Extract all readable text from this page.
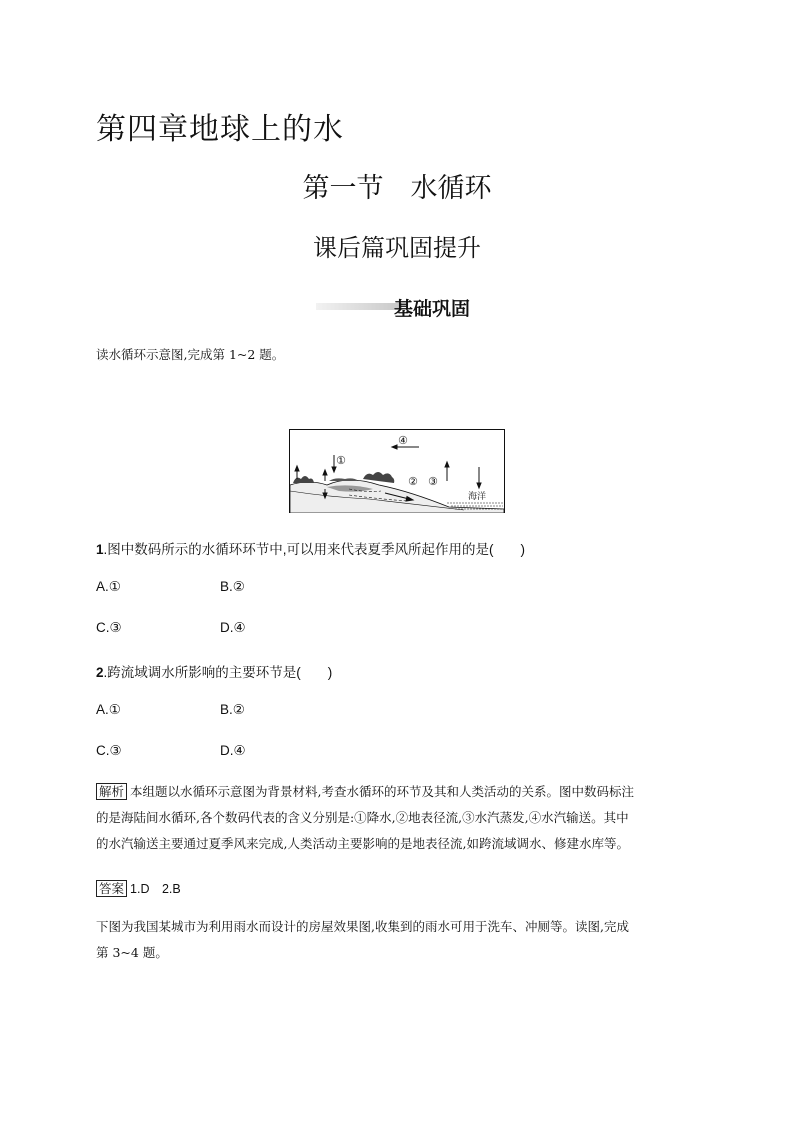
第四章地球上的水
第一节　水循环
课后篇巩固提升
基础巩固
读水循环示意图,完成第 1~2 题。
④
①
② ③
海洋
1.图中数码所示的水循环环节中,可以用来代表夏季风所起作用的是(　　)
A.①	B.②
C.③	D.④
2.跨流域调水所影响的主要环节是(　　)
A.①	B.②
C.③	D.④
解析 本组题以水循环示意图为背景材料,考查水循环的环节及其和人类活动的关系。图中数码标注
的是海陆间水循环,各个数码代表的含义分别是:①降水,②地表径流,③水汽蒸发,④水汽输送。其中
的水汽输送主要通过夏季风来完成,人类活动主要影响的是地表径流,如跨流域调水、修建水库等。
答案 1.D　2.B
下图为我国某城市为利用雨水而设计的房屋效果图,收集到的雨水可用于洗车、冲厕等。读图,完成
第 3~4 题。
